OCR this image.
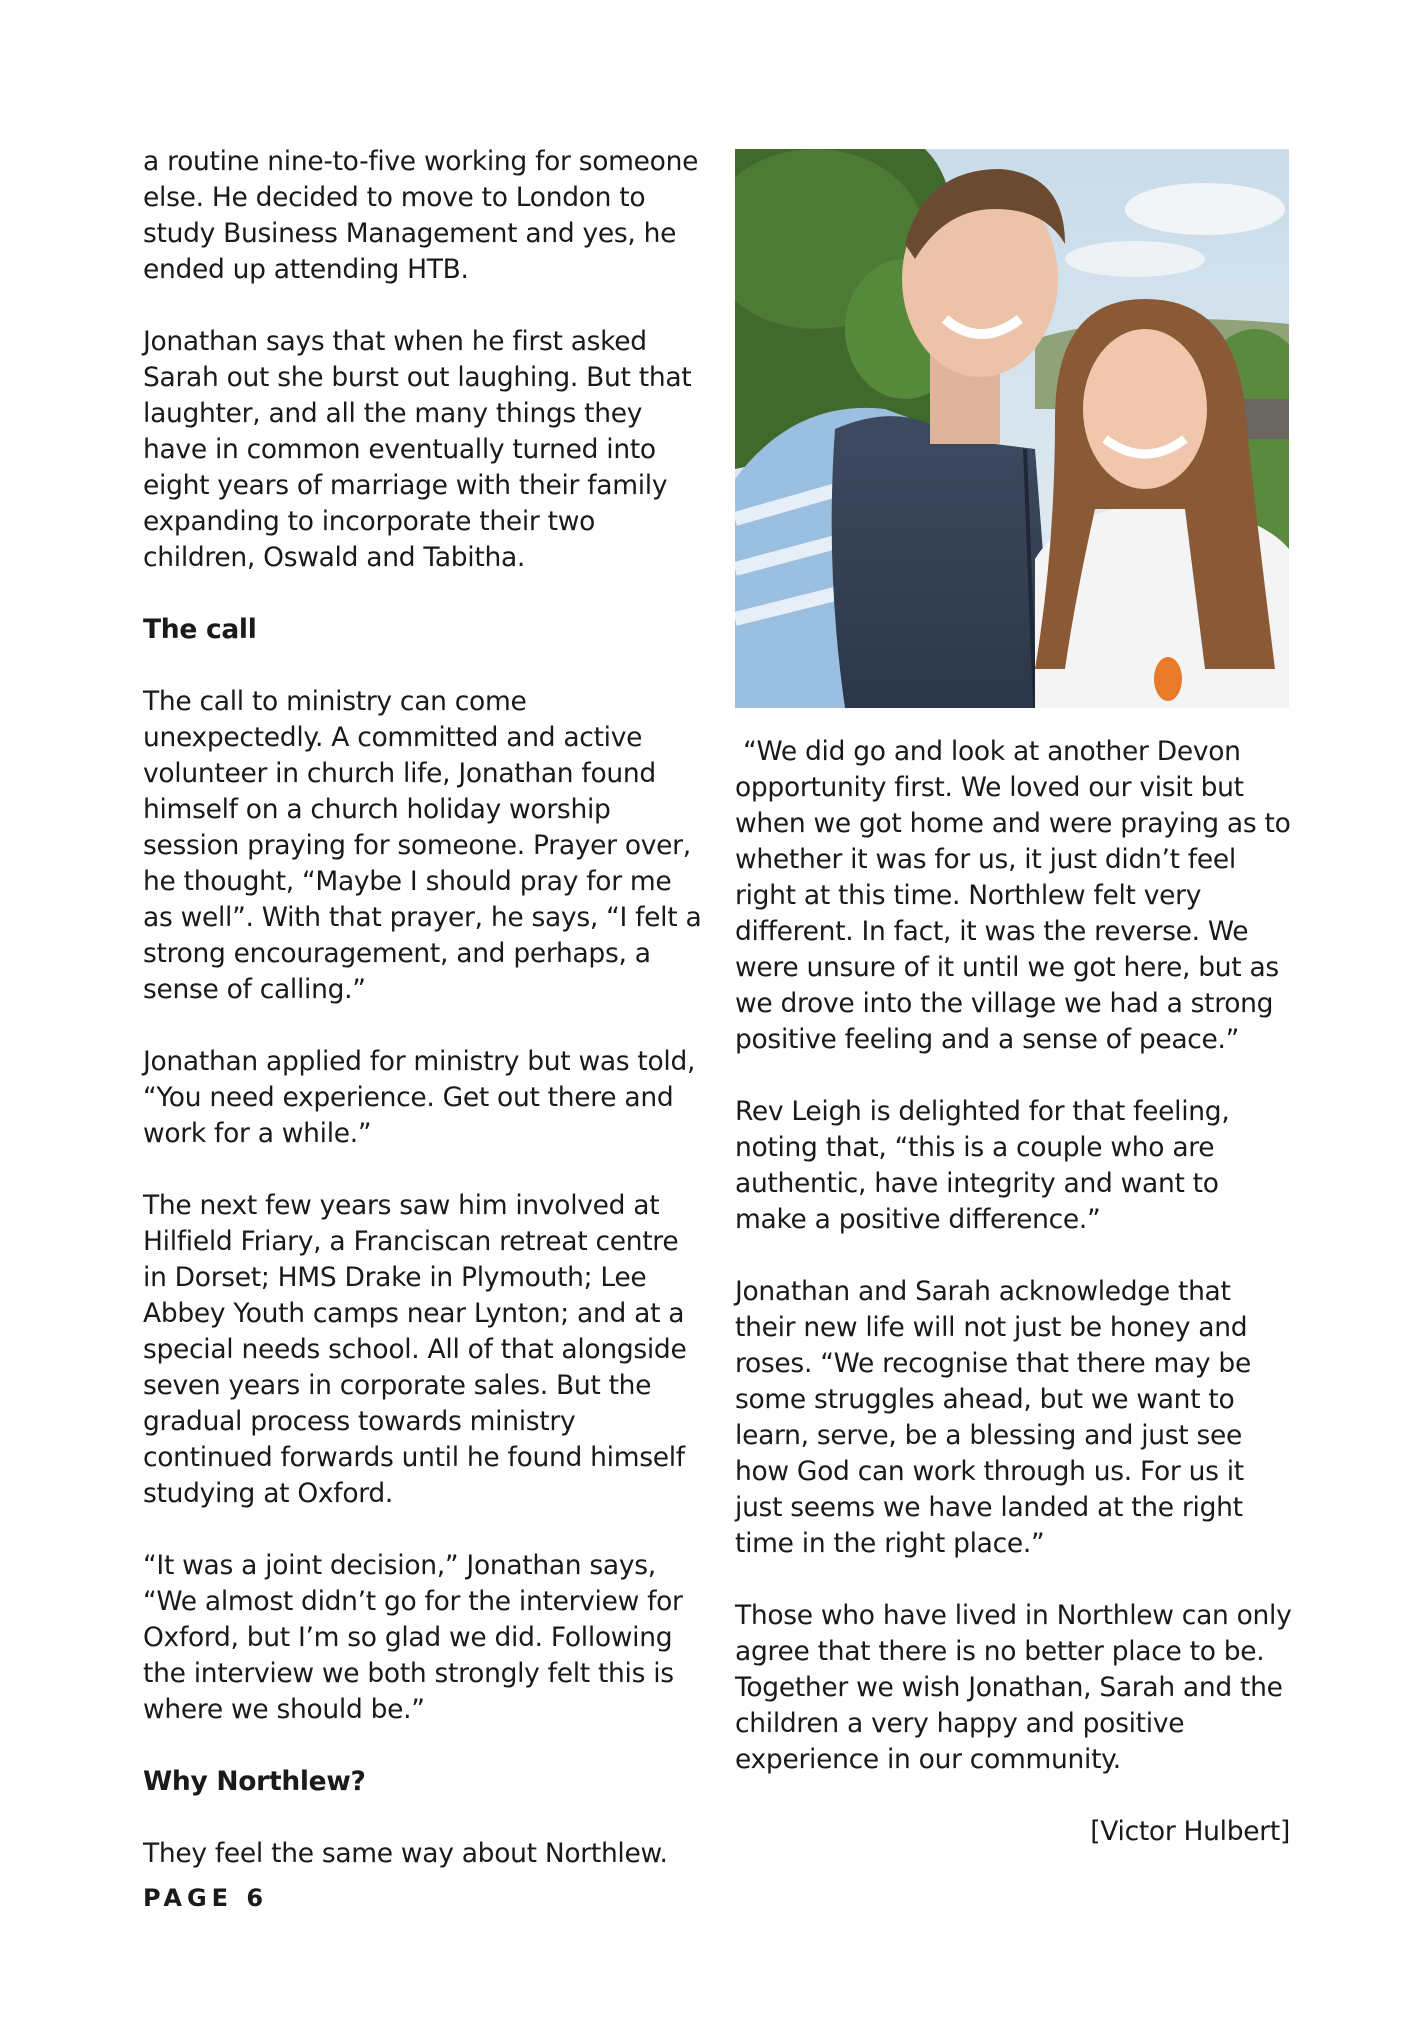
a routine nine-to-five working for someone else. He decided to move to London to study Business Management and yes, he ended up attending HTB.

Jonathan says that when he first asked Sarah out she burst out laughing. But that laughter, and all the many things they have in common eventually turned into eight years of marriage with their family expanding to incorporate their two children, Oswald and Tabitha.

The call

The call to ministry can come unexpectedly. A committed and active volunteer in church life, Jonathan found himself on a church holiday worship session praying for someone. Prayer over, he thought, “Maybe I should pray for me as well”. With that prayer, he says, “I felt a strong encouragement, and perhaps, a sense of calling.”

Jonathan applied for ministry but was told, “You need experience. Get out there and work for a while.”

The next few years saw him involved at Hilfield Friary, a Franciscan retreat centre in Dorset; HMS Drake in Plymouth; Lee Abbey Youth camps near Lynton; and at a special needs school. All of that alongside seven years in corporate sales. But the gradual process towards ministry continued forwards until he found himself studying at Oxford.

“It was a joint decision,” Jonathan says, “We almost didn’t go for the interview for Oxford, but I’m so glad we did. Following the interview we both strongly felt this is where we should be.”

Why Northlew?

They feel the same way about Northlew.

“We did go and look at another Devon opportunity first. We loved our visit but when we got home and were praying as to whether it was for us, it just didn’t feel right at this time. Northlew felt very different. In fact, it was the reverse. We were unsure of it until we got here, but as we drove into the village we had a strong positive feeling and a sense of peace.”

Rev Leigh is delighted for that feeling, noting that, “this is a couple who are authentic, have integrity and want to make a positive difference.”

Jonathan and Sarah acknowledge that their new life will not just be honey and roses. “We recognise that there may be some struggles ahead, but we want to learn, serve, be a blessing and just see how God can work through us. For us it just seems we have landed at the right time in the right place.”

Those who have lived in Northlew can only agree that there is no better place to be. Together we wish Jonathan, Sarah and the children a very happy and positive experience in our community.

[Victor Hulbert]

PAGE 6
